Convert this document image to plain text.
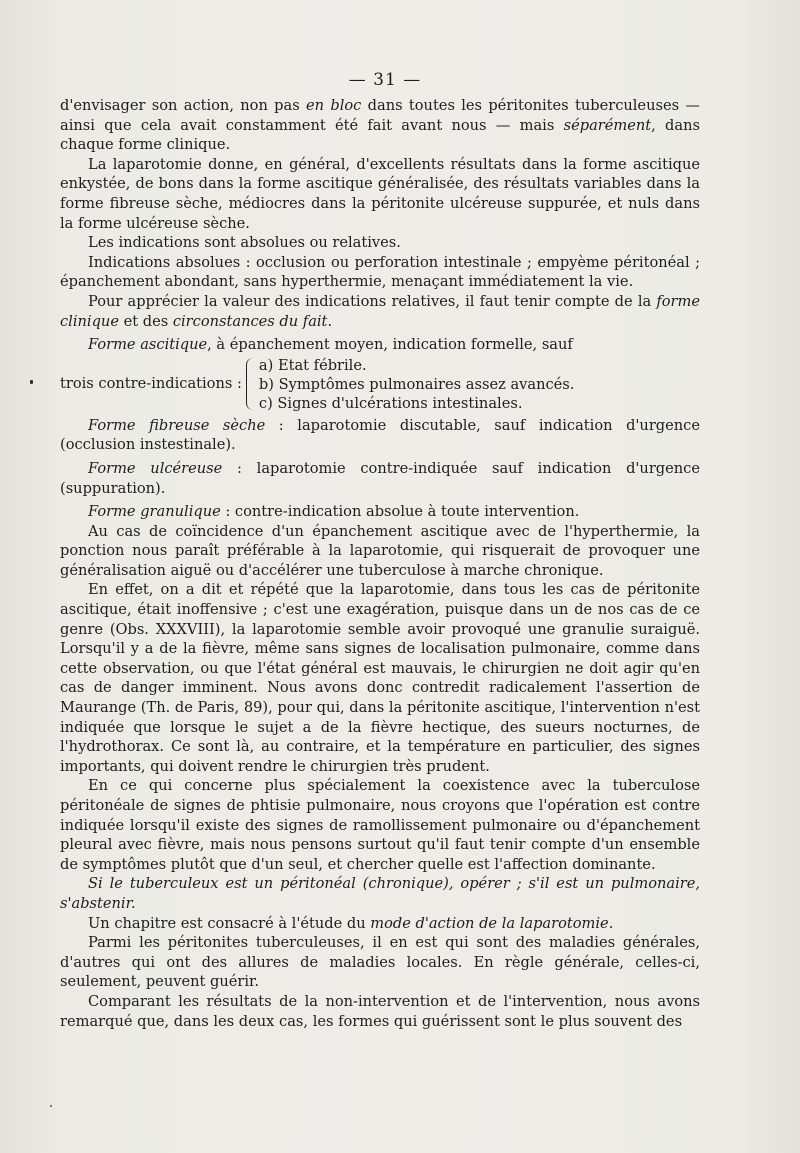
— 31 —

d'envisager son action, non pas en bloc dans toutes les péritonites tuberculeuses — ainsi que cela avait constamment été fait avant nous — mais séparément, dans chaque forme clinique.

La laparotomie donne, en général, d'excellents résultats dans la forme ascitique enkystée, de bons dans la forme ascitique généralisée, des résultats variables dans la forme fibreuse sèche, médiocres dans la péritonite ulcéreuse suppurée, et nuls dans la forme ulcéreuse sèche.

Les indications sont absolues ou relatives.

Indications absolues : occlusion ou perforation intestinale ; empyème péritonéal ; épanchement abondant, sans hyperthermie, menaçant immédiatement la vie.

Pour apprécier la valeur des indications relatives, il faut tenir compte de la forme clinique et des circonstances du fait.

Forme ascitique, à épanchement moyen, indication formelle, sauf

trois contre-indications :
a) Etat fébrile.
b) Symptômes pulmonaires assez avancés.
c) Signes d'ulcérations intestinales.

Forme fibreuse sèche : laparotomie discutable, sauf indication d'urgence (occlusion instestinale).

Forme ulcéreuse : laparotomie contre-indiquée sauf indication d'urgence (suppuration).

Forme granulique : contre-indication absolue à toute intervention.

Au cas de coïncidence d'un épanchement ascitique avec de l'hyperthermie, la ponction nous paraît préférable à la laparotomie, qui risquerait de provoquer une généralisation aiguë ou d'accélérer une tuberculose à marche chronique.

En effet, on a dit et répété que la laparotomie, dans tous les cas de péritonite ascitique, était inoffensive ; c'est une exagération, puisque dans un de nos cas de ce genre (Obs. XXXVIII), la laparotomie semble avoir provoqué une granulie suraiguë. Lorsqu'il y a de la fièvre, même sans signes de localisation pulmonaire, comme dans cette observation, ou que l'état général est mauvais, le chirurgien ne doit agir qu'en cas de danger imminent. Nous avons donc contredit radicalement l'assertion de Maurange (Th. de Paris, 89), pour qui, dans la péritonite ascitique, l'intervention n'est indiquée que lorsque le sujet a de la fièvre hectique, des sueurs nocturnes, de l'hydrothorax. Ce sont là, au contraire, et la température en particulier, des signes importants, qui doivent rendre le chirurgien très prudent.

En ce qui concerne plus spécialement la coexistence avec la tuberculose péritonéale de signes de phtisie pulmonaire, nous croyons que l'opération est contre indiquée lorsqu'il existe des signes de ramollissement pulmonaire ou d'épanchement pleural avec fièvre, mais nous pensons surtout qu'il faut tenir compte d'un ensemble de symptômes plutôt que d'un seul, et chercher quelle est l'affection dominante.

Si le tuberculeux est un péritonéal (chronique), opérer ; s'il est un pulmonaire, s'abstenir.

Un chapitre est consacré à l'étude du mode d'action de la laparotomie.

Parmi les péritonites tuberculeuses, il en est qui sont des maladies générales, d'autres qui ont des allures de maladies locales. En règle générale, celles-ci, seulement, peuvent guérir.

Comparant les résultats de la non-intervention et de l'intervention, nous avons remarqué que, dans les deux cas, les formes qui guérissent sont le plus souvent des
